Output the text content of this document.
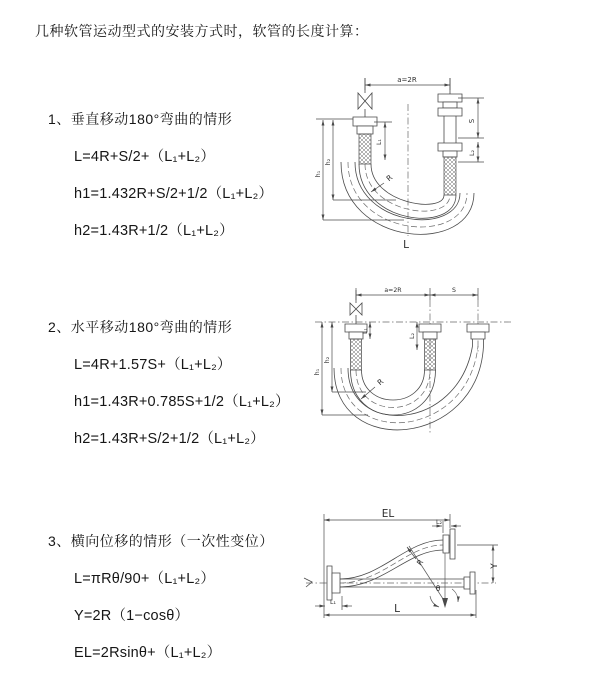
几种软管运动型式的安装方式时，软管的长度计算：
1、垂直移动180°弯曲的情形
L=4R+S/2+（L₁+L₂）
h1=1.432R+S/2+1/2（L₁+L₂）
h2=1.43R+1/2（L₁+L₂）
2、水平移动180°弯曲的情形
L=4R+1.57S+（L₁+L₂）
h1=1.43R+0.785S+1/2（L₁+L₂）
h2=1.43R+S/2+1/2（L₁+L₂）
3、横向位移的情形（一次性变位）
L=πRθ/90+（L₁+L₂）
Y=2R（1−cosθ）
EL=2Rsinθ+（L₁+L₂）
a=2R
S
L₂
L₁
h₁
h₂
R
L
a=2R	S
L₁
L₂
h₁
h₂
R
EL
L₂
Y
θ
R
L₁
L
